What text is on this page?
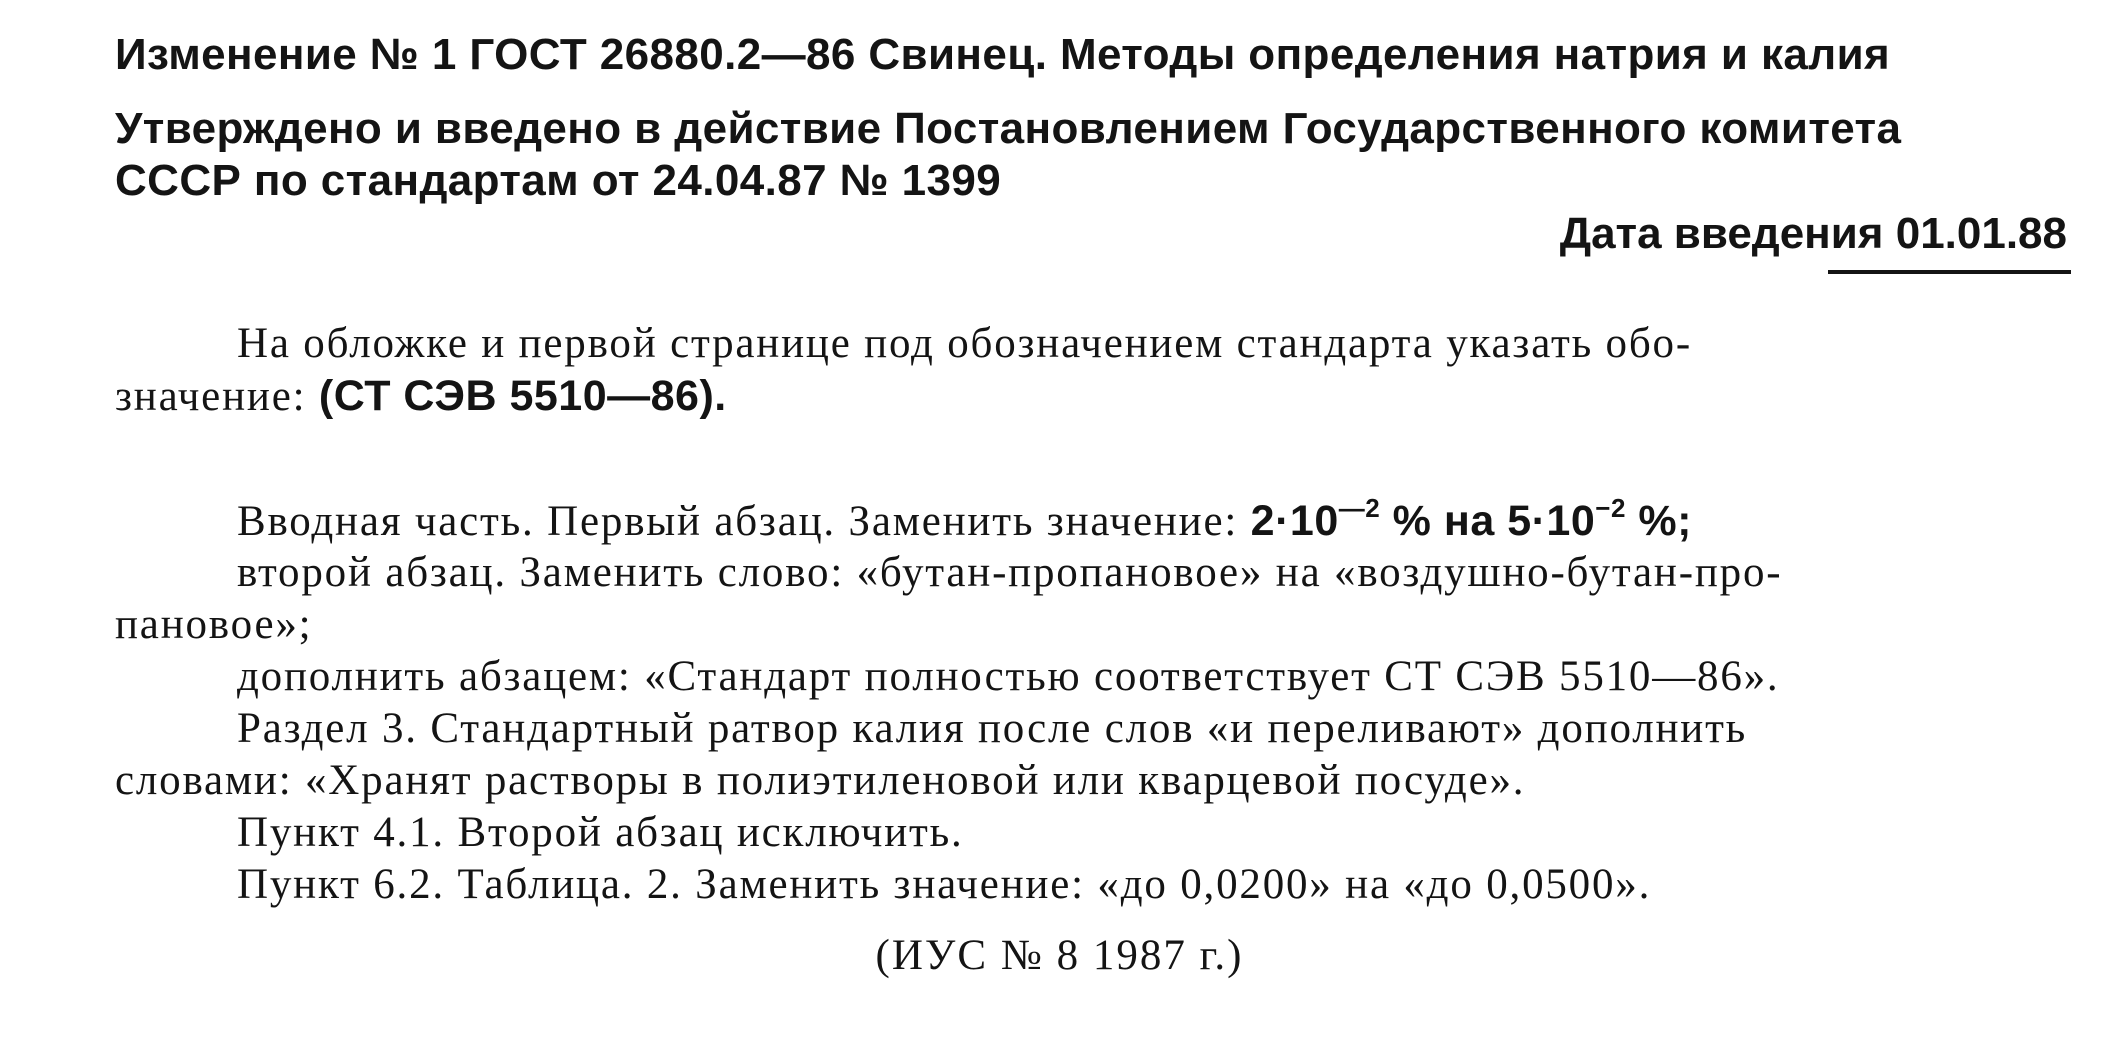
Изменение № 1 ГОСТ 26880.2—86 Свинец. Методы определения натрия и калия
Утверждено и введено в действие Постановлением Государственного комитета
СССР по стандартам от 24.04.87 № 1399
Дата введения 01.01.88
На обложке и первой странице под обозначением стандарта указать обо-
значение: (СТ СЭВ 5510—86).
Вводная часть. Первый абзац. Заменить значение: $2\cdot 10^{—2}$ % на $5\cdot 10^{-2}$ %;
второй абзац. Заменить слово: «бутан-пропановое» на «воздушно-бутан-про-
пановое»;
дополнить абзацем: «Стандарт полностью соответствует СТ СЭВ 5510—86».
Раздел 3. Стандартный ратвор калия после слов «и переливают» дополнить
словами: «Хранят растворы в полиэтиленовой или кварцевой посуде».
Пункт 4.1. Второй абзац исключить.
Пункт 6.2. Таблица. 2. Заменить значение: «до 0,0200» на «до 0,0500».
(ИУС № 8 1987 г.)
